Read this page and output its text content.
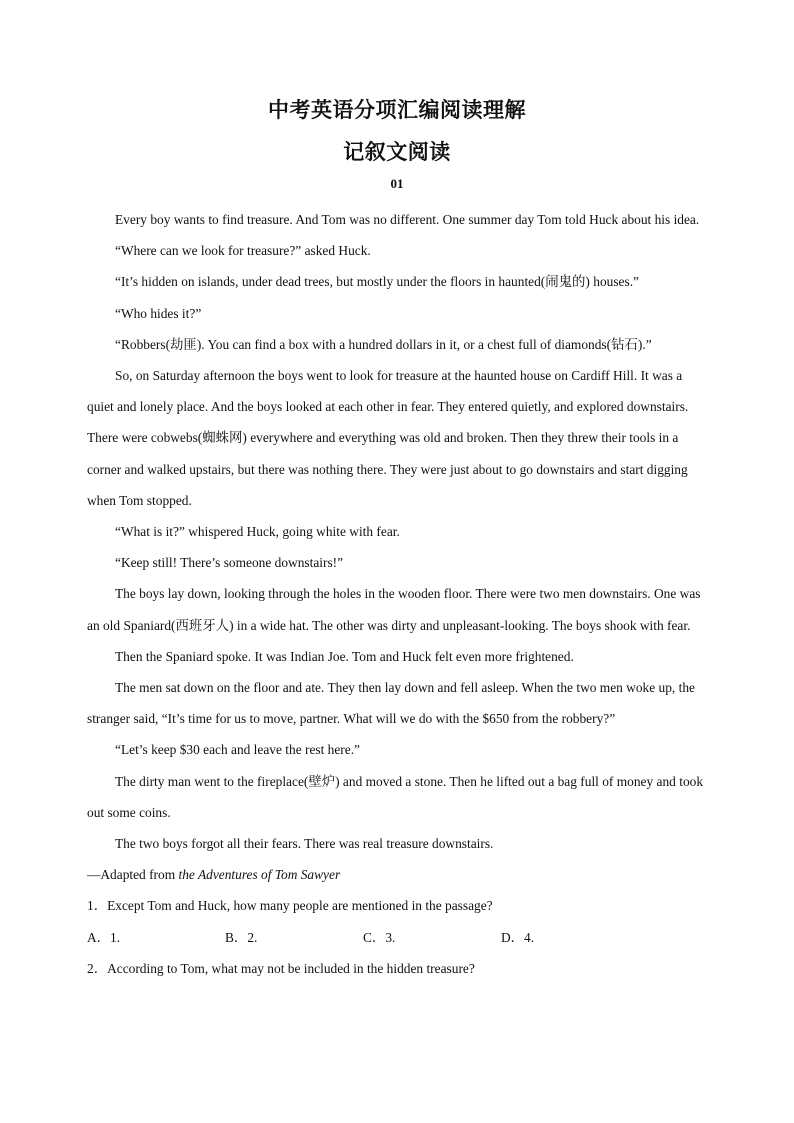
中考英语分项汇编阅读理解
记叙文阅读
01

Every boy wants to find treasure. And Tom was no different. One summer day Tom told Huck about his idea.

“Where can we look for treasure?” asked Huck.

“It’s hidden on islands, under dead trees, but mostly under the floors in haunted(闹鬼的) houses.”

“Who hides it?”

“Robbers(劫匪). You can find a box with a hundred dollars in it, or a chest full of diamonds(钻石).”

So, on Saturday afternoon the boys went to look for treasure at the haunted house on Cardiff Hill. It was a quiet and lonely place. And the boys looked at each other in fear. They entered quietly, and explored downstairs. There were cobwebs(蜘蛛网) everywhere and everything was old and broken. Then they threw their tools in a corner and walked upstairs, but there was nothing there. They were just about to go downstairs and start digging when Tom stopped.

“What is it?” whispered Huck, going white with fear.

“Keep still! There’s someone downstairs!”

The boys lay down, looking through the holes in the wooden floor. There were two men downstairs. One was an old Spaniard(西班牙人) in a wide hat. The other was dirty and unpleasant-looking. The boys shook with fear.

Then the Spaniard spoke. It was Indian Joe. Tom and Huck felt even more frightened.

The men sat down on the floor and ate. They then lay down and fell asleep. When the two men woke up, the stranger said, “It’s time for us to move, partner. What will we do with the $650 from the robbery?”

“Let’s keep $30 each and leave the rest here.”

The dirty man went to the fireplace(壁炉) and moved a stone. Then he lifted out a bag full of money and took out some coins.

The two boys forgot all their fears. There was real treasure downstairs.

—Adapted from the Adventures of Tom Sawyer

1．Except Tom and Huck, how many people are mentioned in the passage?

A．1.	B．2.	C．3.	D．4.

2．According to Tom, what may not be included in the hidden treasure?
